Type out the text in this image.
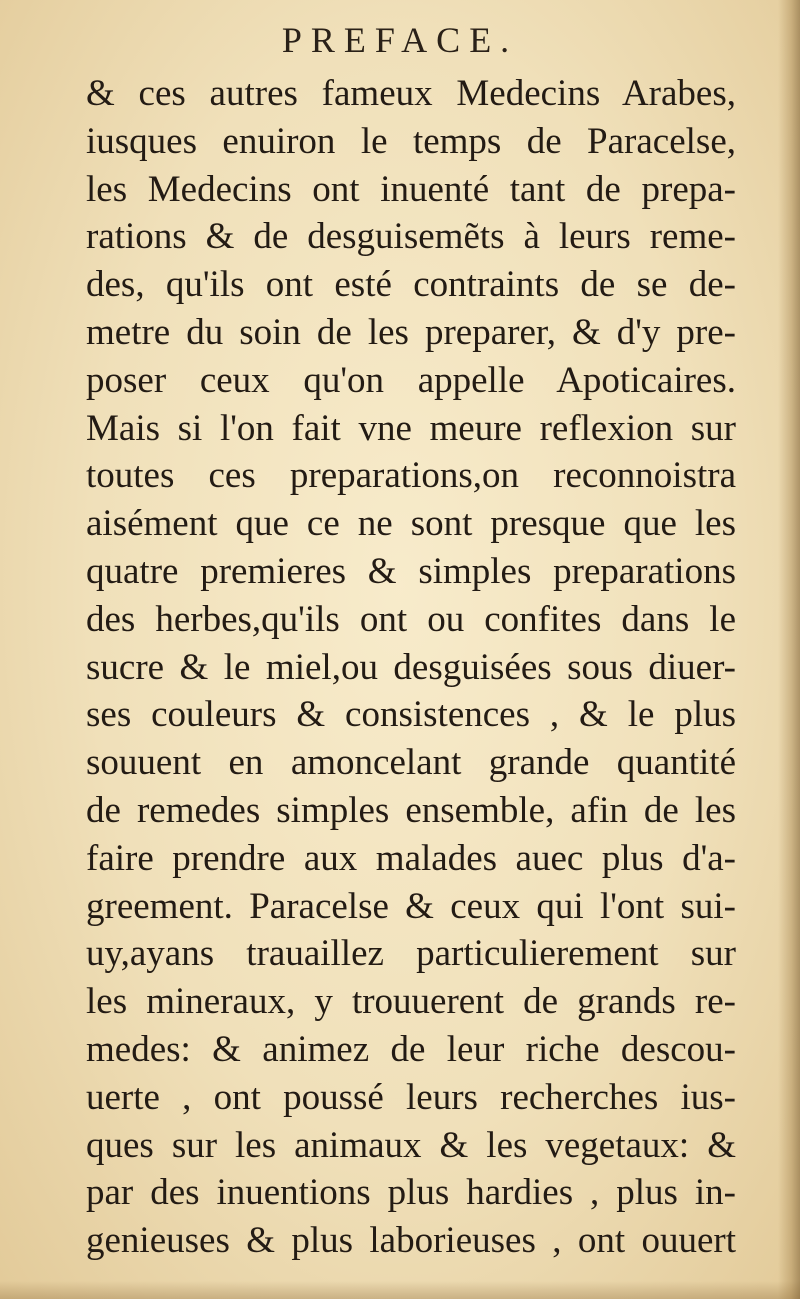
PREFACE.
& ces autres fameux Medecins Arabes,
iusques enuiron le temps de Paracelse,
les Medecins ont inuenté tant de prepa-
rations & de desguisemẽts à leurs reme-
des, qu'ils ont esté contraints de se de-
metre du soin de les preparer, & d'y pre-
poser ceux qu'on appelle Apoticaires.
Mais si l'on fait vne meure reflexion sur
toutes ces preparations,on reconnoistra
aisément que ce ne sont presque que les
quatre premieres & simples preparations
des herbes,qu'ils ont ou confites dans le
sucre & le miel,ou desguisées sous diuer-
ses couleurs & consistences , & le plus
souuent en amoncelant grande quantité
de remedes simples ensemble, afin de les
faire prendre aux malades auec plus d'a-
greement. Paracelse & ceux qui l'ont sui-
uy,ayans trauaillez particulierement sur
les mineraux, y trouuerent de grands re-
medes: & animez de leur riche descou-
uerte , ont poussé leurs recherches ius-
ques sur les animaux & les vegetaux: &
par des inuentions plus hardies , plus in-
genieuses & plus laborieuses , ont ouuert
